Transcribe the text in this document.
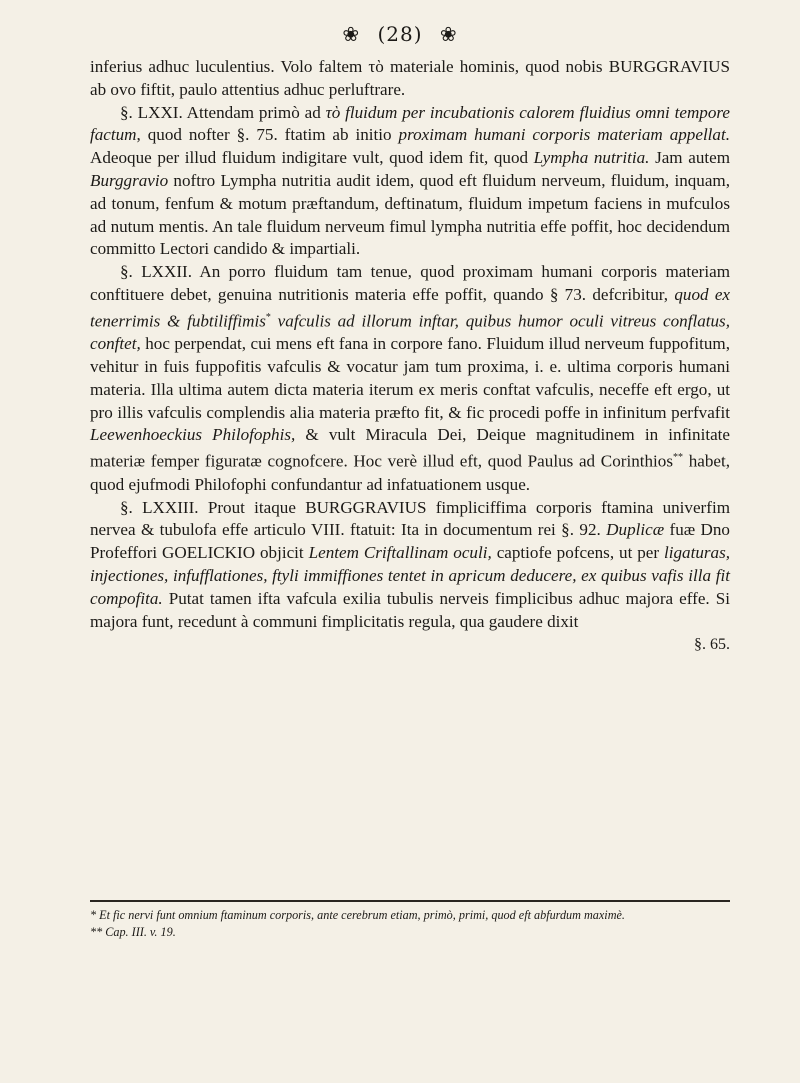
❀ (28) ❀

inferius adhuc luculentius. Volo faltem τὸ materiale hominis, quod nobis BURGGRAVIUS ab ovo fiftit, paulo attentius adhuc perluftrare.

§. LXXI. Attendam primò ad τὸ fluidum per incubationis calorem fluidius omni tempore factum, quod nofter §. 75. ftatim ab initio proximam humani corporis materiam appellat. Adeoque per illud fluidum indigitare vult, quod idem fit, quod Lympha nutritia. Jam autem Burggravio noftro Lympha nutritia audit idem, quod eft fluidum nerveum, fluidum, inquam, ad tonum, fenfum & motum præftandum, deftinatum, fluidum impetum faciens in mufculos ad nutum mentis. An tale fluidum nerveum fimul lympha nutritia effe poffit, hoc decidendum committo Lectori candido & impartiali.

§. LXXII. An porro fluidum tam tenue, quod proximam humani corporis materiam conftituere debet, genuina nutritionis materia effe poffit, quando § 73. defcribitur, quod ex tenerrimis & fubtiliffimis* vafculis ad illorum inftar, quibus humor oculi vitreus conflatus, conftet, hoc perpendat, cui mens eft fana in corpore fano. Fluidum illud nerveum fuppofitum, vehitur in fuis fuppofitis vafculis & vocatur jam tum proxima, i. e. ultima corporis humani materia. Illa ultima autem dicta materia iterum ex meris conftat vafculis, neceffe eft ergo, ut pro illis vafculis complendis alia materia præfto fit, & fic procedi poffe in infinitum perfvafit Leewenhoeckius Philofophis, & vult Miracula Dei, Deique magnitudinem in infinitate materiæ femper figuratæ cognofcere. Hoc verè illud eft, quod Paulus ad Corinthios** habet, quod ejufmodi Philofophi confundantur ad infatuationem usque.

§. LXXIII. Prout itaque BURGGRAVIUS fimpliciffima corporis ftamina univerfim nervea & tubulofa effe articulo VIII. ftatuit: Ita in documentum rei §. 92. Duplicæ fuæ Dno Profeffori GOELICKIO objicit Lentem Criftallinam oculi, captiofe pofcens, ut per ligaturas, injectiones, infufflationes, ftyli immiffiones tentet in apricum deducere, ex quibus vafis illa fit compofita. Putat tamen ifta vafcula exilia tubulis nerveis fimplicibus adhuc majora effe. Si majora funt, recedunt à communi fimplicitatis regula, qua gaudere dixit

§. 65.
* Et fic nervi funt omnium ftaminum corporis, ante cerebrum etiam, primò, primi, quod eft abfurdum maximè.
** Cap. III. v. 19.
